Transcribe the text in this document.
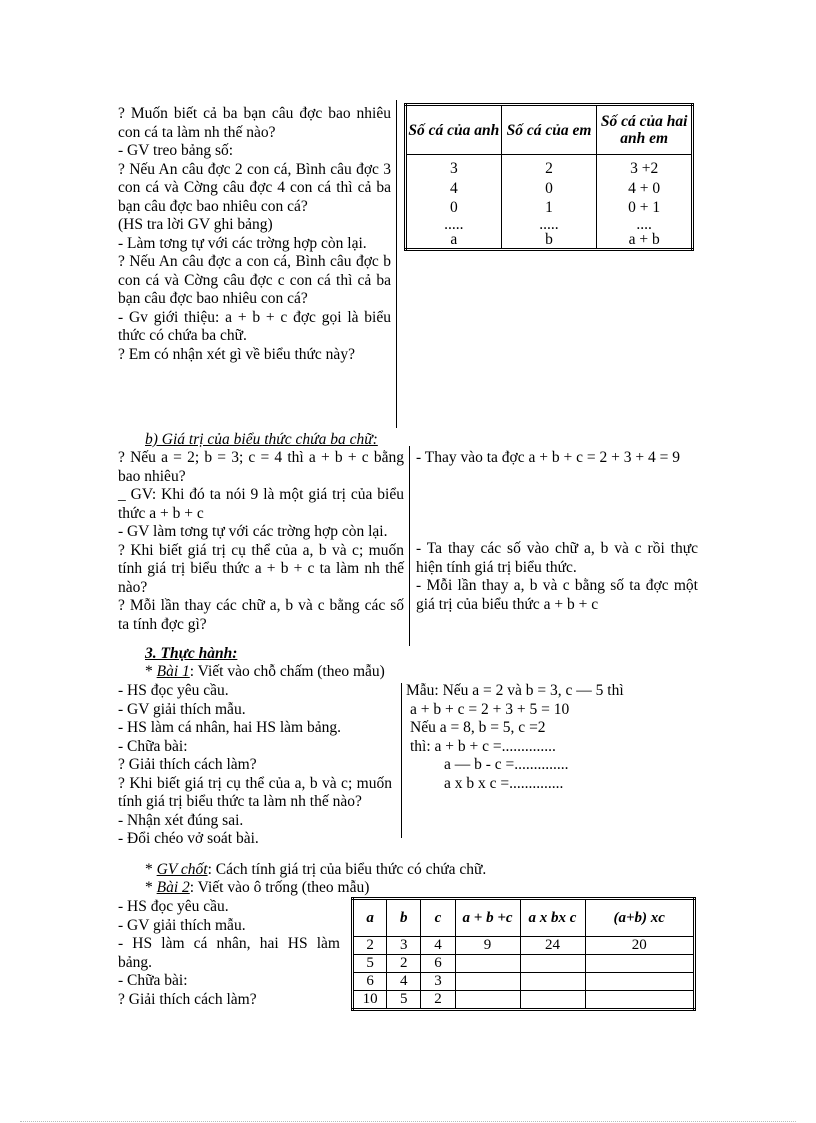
? Muốn biết cả ba bạn câu đợc bao nhiêu con cá ta làm nh thế nào?

- GV treo bảng số:

? Nếu An câu đợc 2 con cá, Bình câu đợc 3 con cá và Cờng câu đợc 4 con cá thì cả ba bạn câu đợc bao nhiêu con cá?

(HS tra lời GV ghi bảng)

- Làm tơng tự với các trờng hợp còn lại.

? Nếu An câu đợc a con cá, Bình câu đợc b con cá và Cờng câu đợc c con cá thì cả ba bạn câu đợc bao nhiêu con cá?

- Gv giới thiệu: a + b + c đợc gọi là biểu thức có chứa ba chữ.

? Em có nhận xét gì về biểu thức này?

Số cá của anh	Số cá của em	Số cá của hai anh em
3	2	3 +2
4	0	4 + 0
0	1	0 + 1
.....	.....	....
a	b	a + b
b) Giá trị của biểu thức chứa ba chữ:

? Nếu a = 2; b = 3; c = 4 thì a + b + c bằng bao nhiêu?

_ GV: Khi đó ta nói 9 là một giá trị của biểu thức a + b + c

- GV làm tơng tự với các trờng hợp còn lại.

? Khi biết giá trị cụ thể của a, b và c; muốn tính giá trị biểu thức a + b + c ta làm nh thế nào?

? Mỗi lần thay các chữ a, b và c bằng các số ta tính đợc gì?

- Thay vào ta đợc a + b + c = 2 + 3 + 4 = 9

- Ta thay các số vào chữ a, b và c rồi thực hiện tính giá trị biểu thức.

- Mỗi lần thay a, b và c bằng số ta đợc một giá trị của biểu thức a + b + c

3. Thực hành:
* Bài 1: Viết vào chỗ chấm (theo mẫu)

- HS đọc yêu cầu.

- GV giải thích mẫu.

- HS làm cá nhân, hai HS làm bảng.

- Chữa bài:

? Giải thích cách làm?

? Khi biết giá trị cụ thể của a, b và c; muốn tính giá trị biểu thức ta làm nh thế nào?

- Nhận xét đúng sai.

- Đổi chéo vở soát bài.

Mẫu: Nếu a = 2 và b = 3, c — 5 thì

a + b + c = 2 + 3 + 5 = 10

Nếu a = 8, b = 5, c =2

thì: a + b + c =..............

a — b - c =..............

a x b x c =..............

* GV chốt: Cách tính giá trị của biểu thức có chứa chữ.
* Bài 2: Viết vào ô trống (theo mẫu)

- HS đọc yêu cầu.

- GV giải thích mẫu.

- HS làm cá nhân, hai HS làm bảng.

- Chữa bài:

? Giải thích cách làm?

a	b	c	a + b +c	a x bx c	(a+b) xc
2	3	4	9	24	20
5	2	6			
6	4	3			
10	5	2			
